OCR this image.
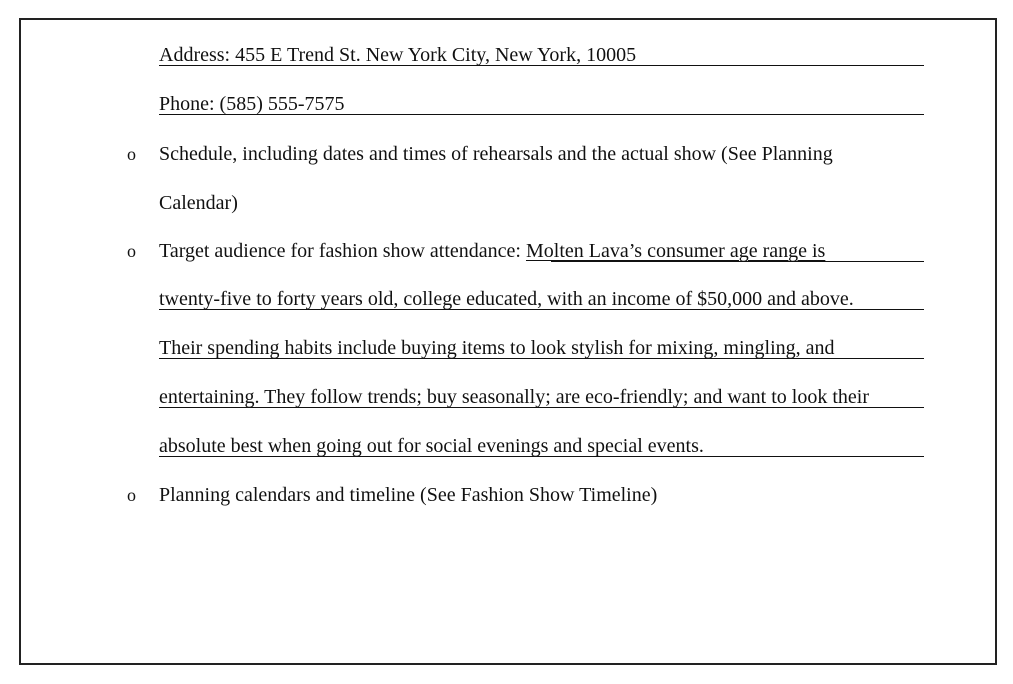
Address: 455 E Trend St. New York City, New York, 10005
Phone: (585) 555-7575
o Schedule, including dates and times of rehearsals and the actual show (See Planning
Calendar)
o Target audience for fashion show attendance: Molten Lava’s consumer age range is
twenty-five to forty years old, college educated, with an income of $50,000 and above.
Their spending habits include buying items to look stylish for mixing, mingling, and
entertaining. They follow trends; buy seasonally; are eco-friendly; and want to look their
absolute best when going out for social evenings and special events.
o Planning calendars and timeline (See Fashion Show Timeline)
